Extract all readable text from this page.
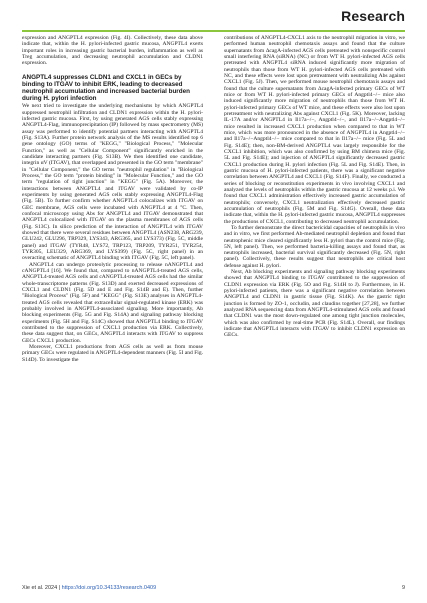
Research

expression and ANGPTL4 expression (Fig. 4I). Collectively, these data above indicate that, within the H. pylori-infected gastric mucosa, ANGPTL4 exerts important roles in increasing gastric bacterial burden, inflammation as well as Treg accumulation, and decreasing neutrophil accumulation and CLDN1 expression.

ANGPTL4 suppresses CLDN1 and CXCL1 in GECs by binding to ITGAV to inhibit ERK, leading to decreased neutrophil accumulation and increased bacterial burden during H. pylori infection

We next tried to investigate the underlying mechanisms by which ANGPTL4 suppressed neutrophil infiltration and CLDN1 expression within the H. pylori-infected gastric mucosa. First, by using generated AGS cells stably expressing ANGPTL4-Flag, immunoprecipitation (IP) followed by mass spectrometry (MS) assay was performed to identify potential partners interacting with ANGPTL4 (Fig. S13A). Further protein network analysis of the MS results identified top 6 gene ontology (GO) terms of "KEGG," "Biological Process," "Molecular Function," as well as "Cellular Component" significantly enriched in the candidate interacting partners (Fig. S13B). We then identified one candidate, integrin αV (ITGAV), that overlapped and presented in the GO term "membrane" in "Cellular Component," the GO terms "neutrophil regulation" in "Biological Process," the GO term "protein binding" in "Molecular Function," and the GO term "regulation of tight junction" in "KEGG" (Fig. 5A). Moreover, the interactions between ANGPTL4 and ITGAV were validated by co-IP experiments by using generated AGS cells stably expressing ANGPTL4-Flag (Fig. 5B). To further confirm whether ANGPTL4 colocalizes with ITGAV on GEC membrane, AGS cells were incubated with ANGPTL4 at 4 °C. Then, confocal microscopy using Abs for ANGPTL4 and ITGAV demonstrated that ANGPTL4 colocalized with ITGAV on the plasma membranes of AGS cells (Fig. S13C). In silico prediction of the interaction of ANGPTL4 with ITGAV showed that there were several residues between ANGPTL4 (ASN238, ARG239, GLU242, GLU296, TRP329, LYS343, ARG365, and LYS373) (Fig. 5C, middle panel) and ITGAV (TYR48, LYS72, TRP123, TRP209, TYR251, TYR254, TYR305, LEU329, ARG369, and LYS399) (Fig. 5C, right panel) in an overacting schematic of ANGPTL4 binding with ITGAV (Fig. 5C, left panel).

ANGPTL4 can undergo proteolytic processing to release nANGPTL4 and cANGPTL4 [16]. We found that, compared to nANGPTL4-treated AGS cells, ANGPTL4-treated AGS cells and cANGPTL4-treated AGS cells had the similar whole-transcriptome patterns (Fig. S13D) and exerted decreased expressions of CXCL1 and CLDN1 (Fig. 5D and E and Fig. S14B and E). Then, further "Biological Process" (Fig. 5F) and "KEGG" (Fig. S13E) analyses in ANGPTL4-treated AGS cells revealed that extracellular signal-regulated kinase (ERK) was probably involved in ANGPTL4-associated signaling. More importantly, Ab blocking experiments (Fig. 5G and Fig. S14A) and signaling pathway blocking experiments (Fig. 5H and Fig. S14C) showed that ANGPTL4 binding to ITGAV contributed to the suppression of CXCL1 production via ERK. Collectively, these data suggest that, on GECs, ANGPTL4 interacts with ITGAV to suppress GECs CXCL1 production.

Moreover, CXCL1 productions from AGS cells as well as from mouse primary GECs were regulated in ANGPTL4-dependent manners (Fig. 5I and Fig. S14D). To investigate the

contributions of ANGPTL4-CXCL1 axis to the neutrophil migration in vitro, we performed human neutrophil chemotaxis assays and found that the culture supernatants from ΔcagA-infected AGS cells pretreated with nonspecific control small interfering RNA (siRNA) (NC) or from WT H. pylori-infected AGS cells pretreated with ANGPTL4 siRNA induced significantly more migration of neutrophils than those from WT H. pylori-infected AGS cells pretreated with NC, and these effects were lost upon pretreatment with neutralizing Abs against CXCL1 (Fig. 5J). Then, we performed mouse neutrophil chemotaxis assays and found that the culture supernatants from ΔcagA-infected primary GECs of WT mice or from WT H. pylori-infected primary GECs of Angptl4−/− mice also induced significantly more migration of neutrophils than those from WT H. pylori-infected primary GECs of WT mice, and these effects were also lost upon pretreatment with neutralizing Abs against CXCL1 (Fig. 5K). Moreover, lacking IL-17A and/or ANGPTL4 in Il17a−/−, Angptl4−/−, and Il17a−/−Angptl4−/− mice resulted in increased CXCL1 production when compared to that in WT mice, which was more pronounced in the absence of ANGPTL4 in Angptl4−/− and Il17a−/−Angptl4−/− mice compared to that in Il17a−/− mice (Fig. 5L and Fig. S14E); then, non-BM-derived ANGPTL4 was largely responsible for the CXCL1 inhibition, which was also confirmed by using BM chimera mice (Fig. 5L and Fig. S14E); and injection of ANGPTL4 significantly decreased gastric CXCL1 production during H. pylori infection (Fig. 5L and Fig. S14E). Then, in gastric mucosa of H. pylori-infected patients, there was a significant negative correlation between ANGPTL4 and CXCL1 (Fig. S14F). Finally, we conducted a series of blocking or reconstitution experiments in vivo involving CXCL1 and analyzed the levels of neutrophils within the gastric mucosa at 12 weeks p.i. We found that CXCL1 administration effectively increased gastric accumulation of neutrophils; conversely, CXCL1 neutralization effectively decreased gastric accumulation of neutrophils (Fig. 5M and Fig. S14G). Overall, these data indicate that, within the H. pylori-infected gastric mucosa, ANGPTL4 suppresses the productions of CXCL1, contributing to decreased neutrophil accumulation.

To further demonstrate the direct bactericidal capacities of neutrophils in vivo and in vitro, we first performed Ab-mediated neutrophil depletion and found that neutrophenic mice cleared significantly less H. pylori than the control mice (Fig. 5N, left panel). Then, we performed bacteria-killing assays and found that, as neutrophils increased, bacterial survival significantly decreased (Fig. 5N, right panel). Collectively, these results suggest that neutrophils are critical host defense against H. pylori.

Next, Ab blocking experiments and signaling pathway blocking experiments showed that ANGPTL4 binding to ITGAV contributed to the suppression of CLDN1 expression via ERK (Fig. 5O and Fig. S14H to J). Furthermore, in H. pylori-infected patients, there was a significant negative correlation between ANGPTL4 and CLDN1 in gastric tissue (Fig. S14K). As the gastric tight junction is formed by ZO-1, occludin, and claudins together [27,28], we further analyzed RNA sequencing data from ANGPTL4-stimulated AGS cells and found that CLDN1 was the most down-regulated one among tight junction molecules, which was also confirmed by real-time PCR (Fig. S14L). Overall, our findings indicate that ANGPTL4 interacts with ITGAV to inhibit CLDN1 expression on GECs.

Xie et al. 2024 | https://doi.org/10.34133/research.0409	9
